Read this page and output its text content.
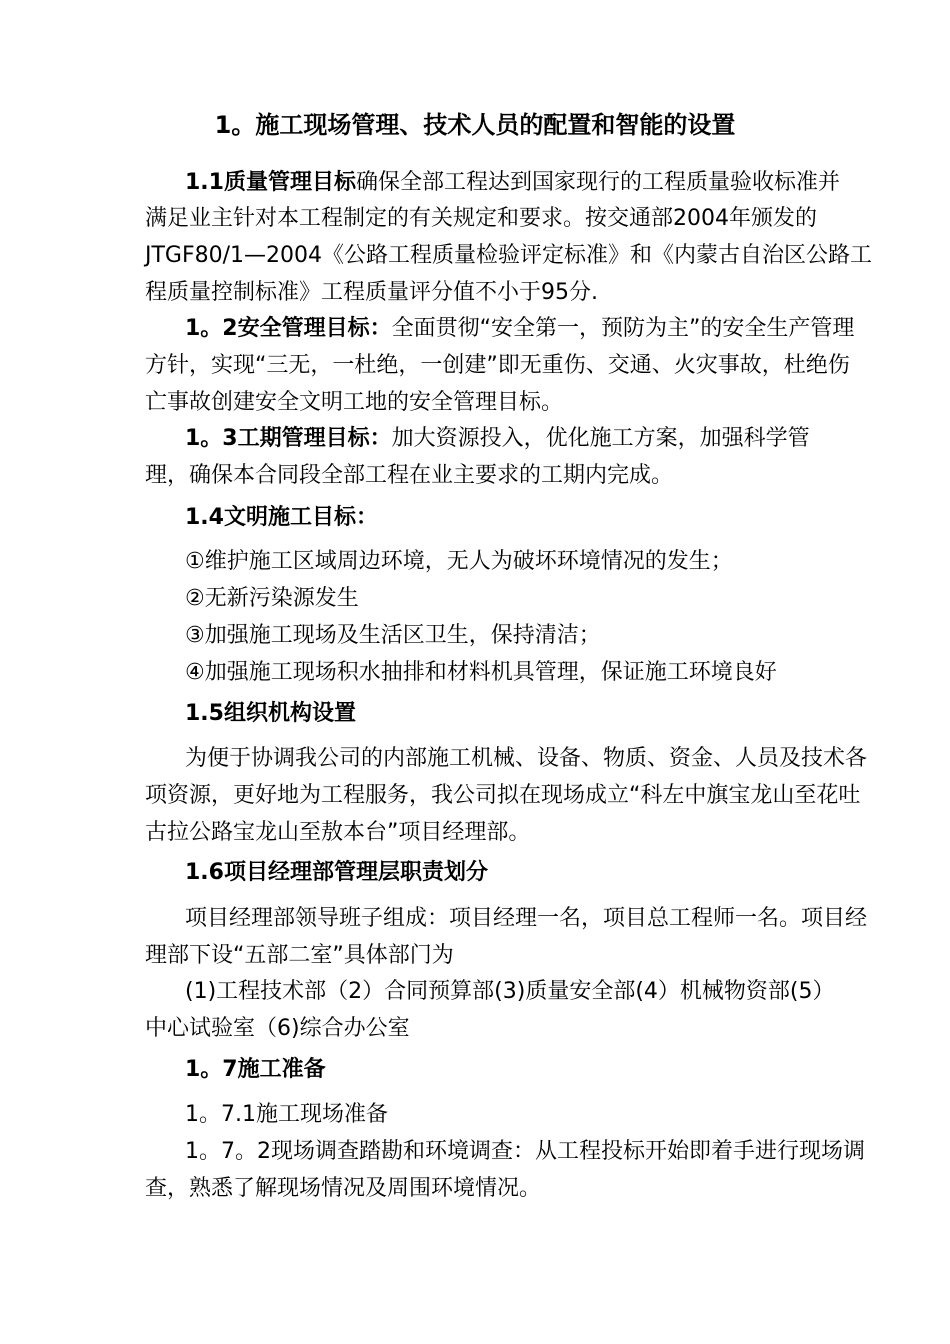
1。施工现场管理、技术人员的配置和智能的设置
1.1质量管理目标确保全部工程达到国家现行的工程质量验收标准并
满足业主针对本工程制定的有关规定和要求。按交通部2004年颁发的
JTGF80/1—2004《公路工程质量检验评定标准》和《内蒙古自治区公路工
程质量控制标准》工程质量评分值不小于95分.
1。2安全管理目标：全面贯彻“安全第一，预防为主”的安全生产管理
方针，实现“三无，一杜绝，一创建”即无重伤、交通、火灾事故，杜绝伤
亡事故创建安全文明工地的安全管理目标。
1。3工期管理目标：加大资源投入，优化施工方案，加强科学管
理，确保本合同段全部工程在业主要求的工期内完成。
1.4文明施工目标：
①维护施工区域周边环境，无人为破坏环境情况的发生；
②无新污染源发生
③加强施工现场及生活区卫生，保持清洁；
④加强施工现场积水抽排和材料机具管理，保证施工环境良好
1.5组织机构设置
为便于协调我公司的内部施工机械、设备、物质、资金、人员及技术各
项资源，更好地为工程服务，我公司拟在现场成立“科左中旗宝龙山至花吐
古拉公路宝龙山至敖本台”项目经理部。
1.6项目经理部管理层职责划分
项目经理部领导班子组成：项目经理一名，项目总工程师一名。项目经
理部下设“五部二室”具体部门为
(1)工程技术部（2）合同预算部(3)质量安全部(4）机械物资部(5）
中心试验室（6)综合办公室
1。7施工准备
1。7.1施工现场准备
1。7。2现场调查踏勘和环境调查：从工程投标开始即着手进行现场调
查，熟悉了解现场情况及周围环境情况。
